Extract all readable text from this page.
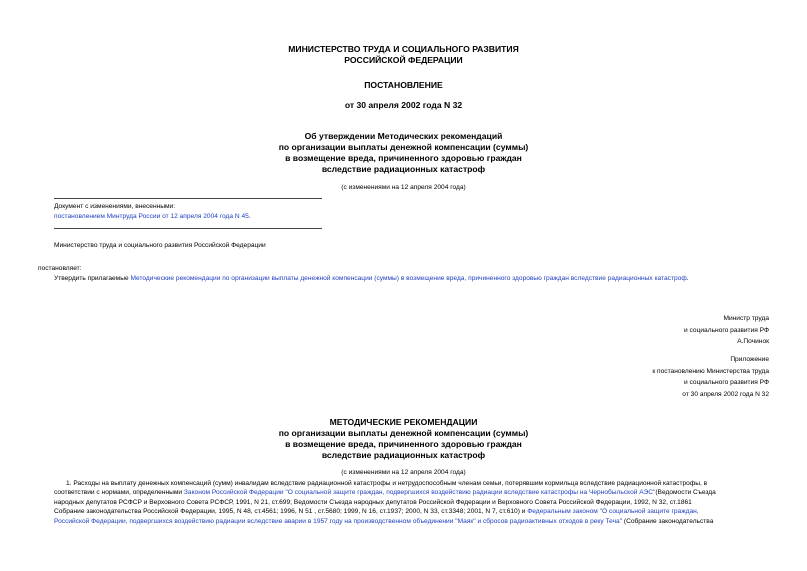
МИНИСТЕРСТВО ТРУДА И СОЦИАЛЬНОГО РАЗВИТИЯ
РОССИЙСКОЙ ФЕДЕРАЦИИ
ПОСТАНОВЛЕНИЕ
от 30 апреля 2002 года N 32
Об утверждении Методических рекомендаций
по организации выплаты денежной компенсации (суммы)
в возмещение вреда, причиненного здоровью граждан
вследствие радиационных катастроф
(с изменениями на 12 апреля 2004 года)
Документ с изменениями, внесенными:
постановлением Минтруда России от 12 апреля 2004 года N 45.
Министерство труда и социального развития Российской Федерации
постановляет:
Утвердить прилагаемые Методические рекомендации по организации выплаты денежной компенсации (суммы) в возмещение вреда, причиненного здоровью граждан вследствие радиационных катастроф.
Министр труда
и социального развития РФ
А.Починок
Приложение
к постановлению Министерства труда
и социального развития РФ
от 30 апреля 2002 года N 32
МЕТОДИЧЕСКИЕ РЕКОМЕНДАЦИИ
по организации выплаты денежной компенсации (суммы)
в возмещение вреда, причиненного здоровью граждан
вследствие радиационных катастроф
(с изменениями на 12 апреля 2004 года)
1. Расходы на выплату денежных компенсаций (сумм) инвалидам вследствие радиационной катастрофы и нетрудоспособным членам семьи, потерявшим кормильца вследствие радиационной катастрофы, в
соответствии с нормами, определенными Законом Российской Федерации "О социальной защите граждан, подвергшихся воздействию радиации вследствие катастрофы на Чернобыльской АЭС"(Ведомости Съезда
народных депутатов РСФСР и Верховного Совета РСФСР, 1991, N 21, ст.699; Ведомости Съезда народных депутатов Российской Федерации и Верховного Совета Российской Федерации, 1992, N 32, ст.1861
Собрание законодательства Российской Федерации, 1995, N 48, ст.4561; 1996, N 51 , ст.5680; 1999, N 16, ст.1937; 2000, N 33, ст.3348; 2001, N 7, ст.610) и Федеральным законом "О социальной защите граждан,
Российской Федерации, подвергшихся воздействию радиации вследствие аварии в 1957 году на производственном объединении "Маяк" и сбросов радиоактивных отходов в реку Теча" (Собрание законодательства
